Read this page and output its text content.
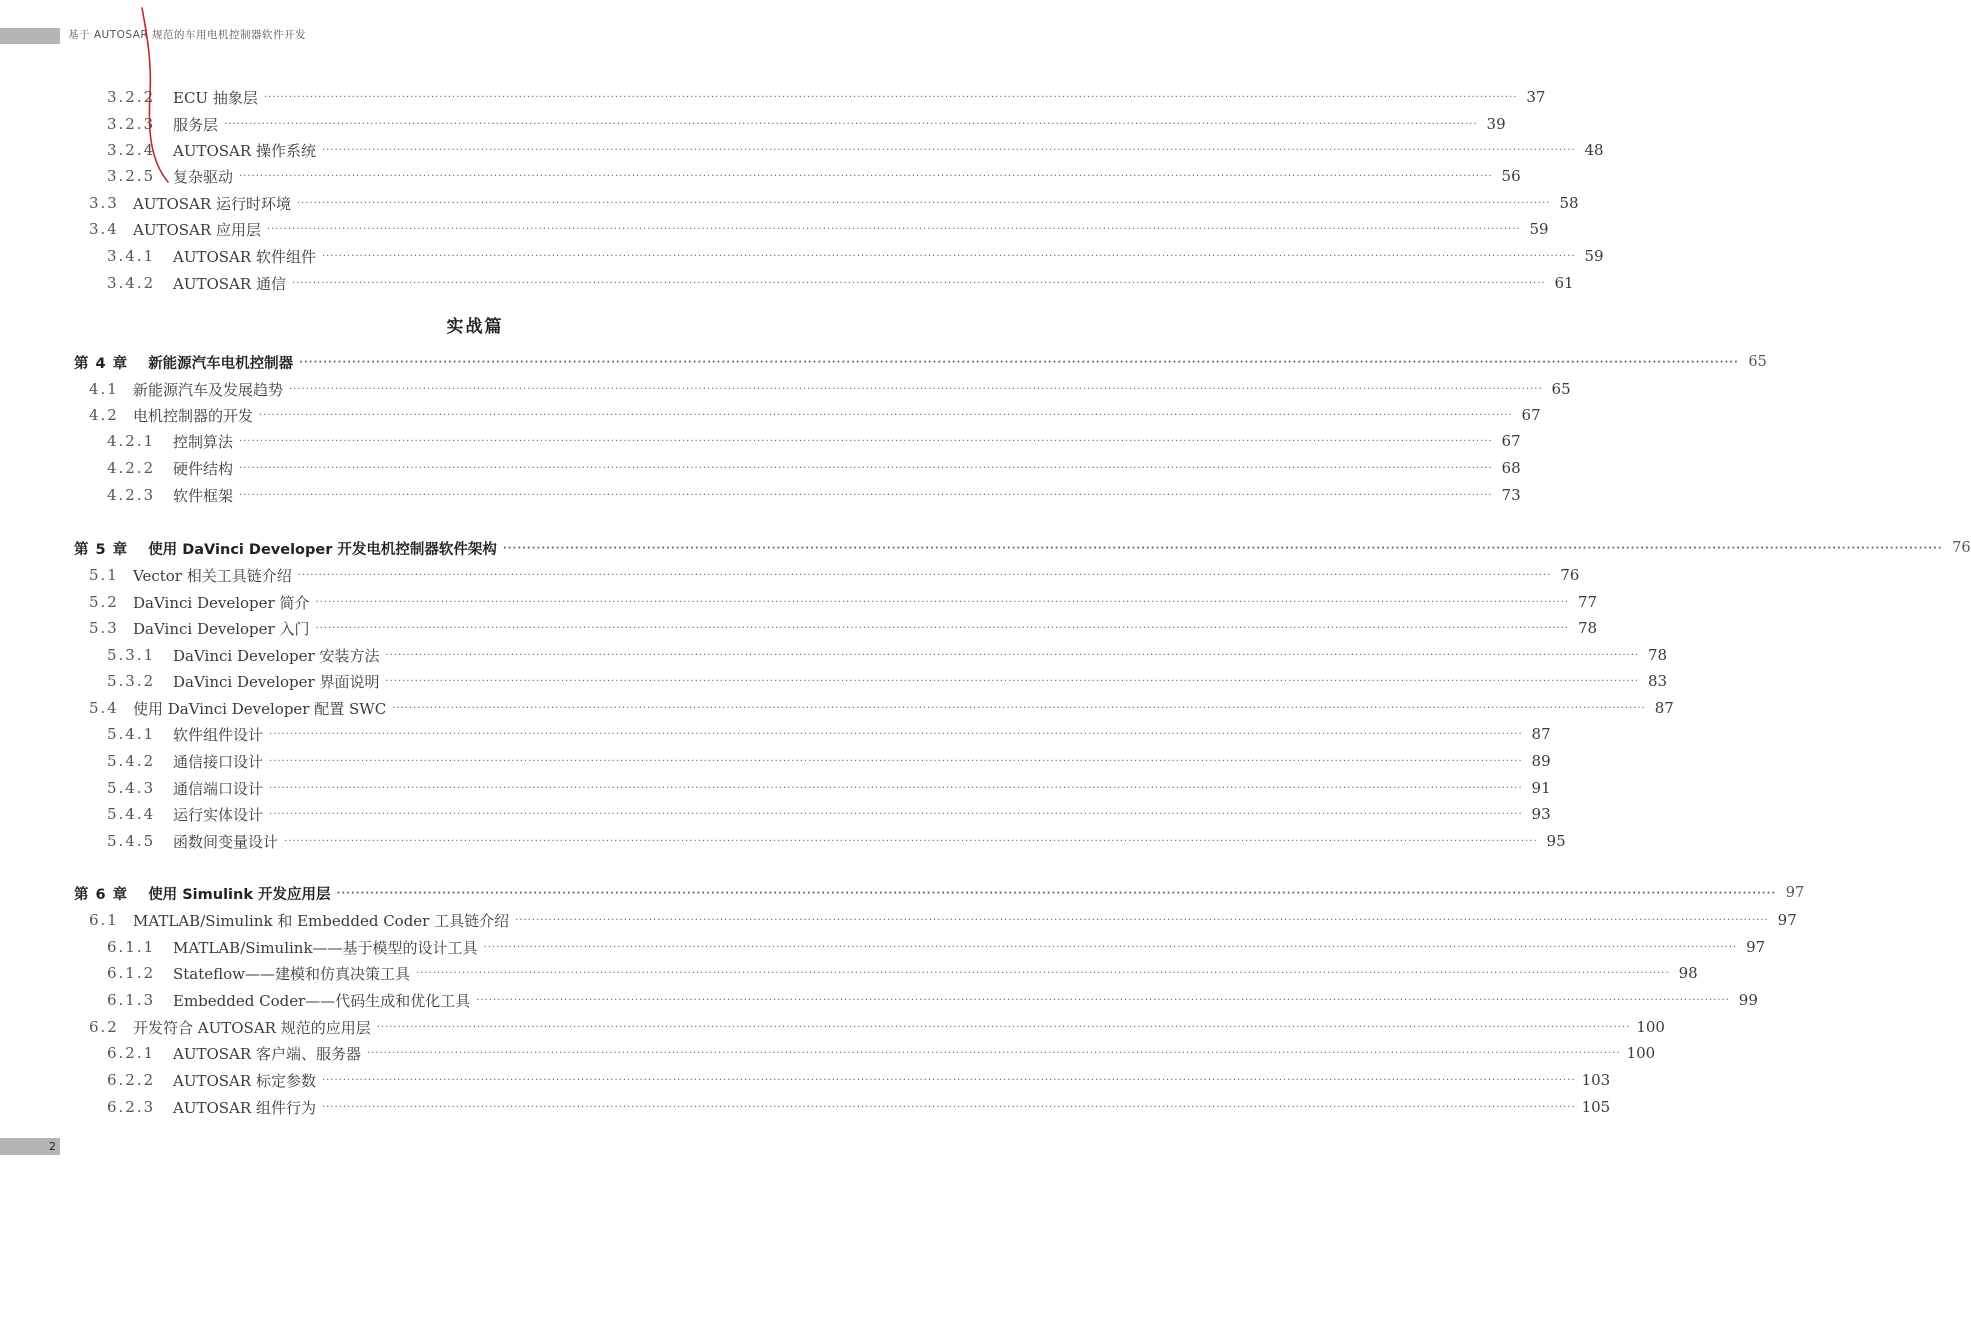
基于 AUTOSAR 规范的车用电机控制器软件开发
实战篇
3.2.2 ECU 抽象层 ············································································································································································································································································································ 37
3.2.3 服务层 ············································································································································································································································································································ 39
3.2.4 AUTOSAR 操作系统 ············································································································································································································································································································ 48
3.2.5 复杂驱动 ············································································································································································································································································································ 56
3.3 AUTOSAR 运行时环境 ············································································································································································································································································································ 58
3.4 AUTOSAR 应用层 ············································································································································································································································································································ 59
3.4.1 AUTOSAR 软件组件 ············································································································································································································································································································ 59
3.4.2 AUTOSAR 通信 ············································································································································································································································································································ 61
第 4 章 新能源汽车电机控制器 ············································································································································································································································································································ 65
4.1 新能源汽车及发展趋势 ············································································································································································································································································································ 65
4.2 电机控制器的开发 ············································································································································································································································································································ 67
4.2.1 控制算法 ············································································································································································································································································································ 67
4.2.2 硬件结构 ············································································································································································································································································································ 68
4.2.3 软件框架 ············································································································································································································································································································ 73
第 5 章 使用 DaVinci Developer 开发电机控制器软件架构 ············································································································································································································································································································ 76
5.1 Vector 相关工具链介绍 ············································································································································································································································································································ 76
5.2 DaVinci Developer 简介 ············································································································································································································································································································ 77
5.3 DaVinci Developer 入门 ············································································································································································································································································································ 78
5.3.1 DaVinci Developer 安装方法 ············································································································································································································································································································ 78
5.3.2 DaVinci Developer 界面说明 ············································································································································································································································································································ 83
5.4 使用 DaVinci Developer 配置 SWC ············································································································································································································································································································ 87
5.4.1 软件组件设计 ············································································································································································································································································································ 87
5.4.2 通信接口设计 ············································································································································································································································································································ 89
5.4.3 通信端口设计 ············································································································································································································································································································ 91
5.4.4 运行实体设计 ············································································································································································································································································································ 93
5.4.5 函数间变量设计 ············································································································································································································································································································ 95
第 6 章 使用 Simulink 开发应用层 ············································································································································································································································································································ 97
6.1 MATLAB/Simulink 和 Embedded Coder 工具链介绍 ············································································································································································································································································································ 97
6.1.1 MATLAB/Simulink——基于模型的设计工具 ············································································································································································································································································································ 97
6.1.2 Stateflow——建模和仿真决策工具 ············································································································································································································································································································ 98
6.1.3 Embedded Coder——代码生成和优化工具 ············································································································································································································································································································ 99
6.2 开发符合 AUTOSAR 规范的应用层 ············································································································································································································································································································ 100
6.2.1 AUTOSAR 客户端、服务器 ············································································································································································································································································································ 100
6.2.2 AUTOSAR 标定参数 ············································································································································································································································································································ 103
6.2.3 AUTOSAR 组件行为 ············································································································································································································································································································ 105
2
